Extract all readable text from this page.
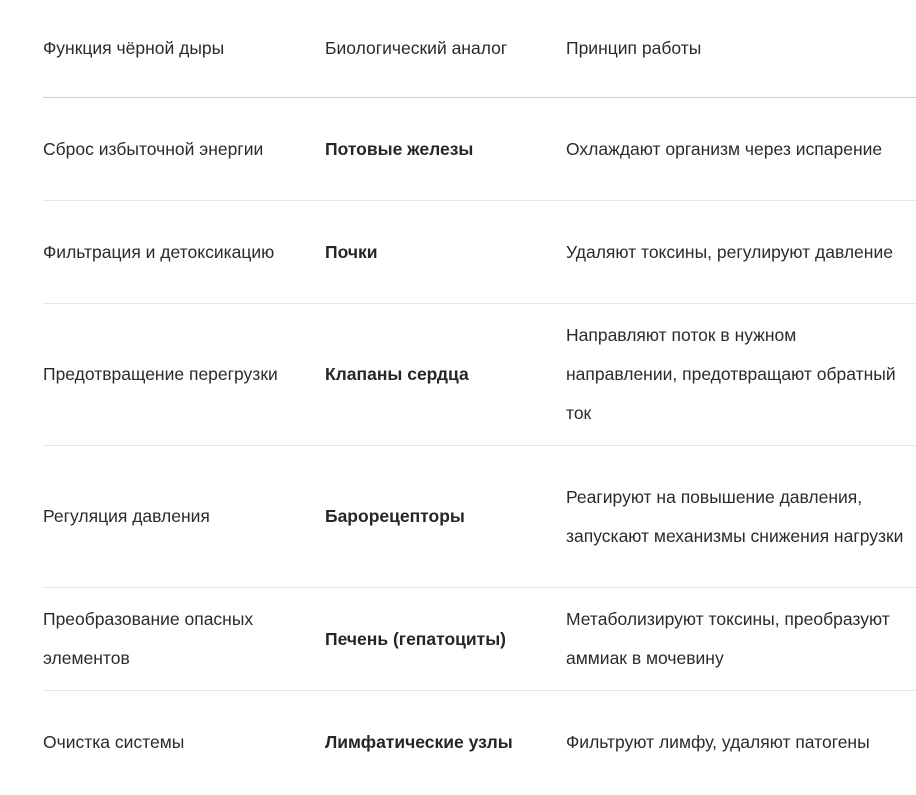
Функция чёрной дыры	Биологический аналог	Принцип работы
Сброс избыточной энергии	Потовые железы	Охлаждают организм через испарение
Фильтрация и детоксикацию	Почки	Удаляют токсины, регулируют давление
Предотвращение перегрузки	Клапаны сердца	Направляют поток в нужном направлении, предотвращают обратный ток
Регуляция давления	Барорецепторы	Реагируют на повышение давления, запускают механизмы снижения нагрузки
Преобразование опасных элементов	Печень (гепатоциты)	Метаболизируют токсины, преобразуют аммиак в мочевину
Очистка системы	Лимфатические узлы	Фильтруют лимфу, удаляют патогены
